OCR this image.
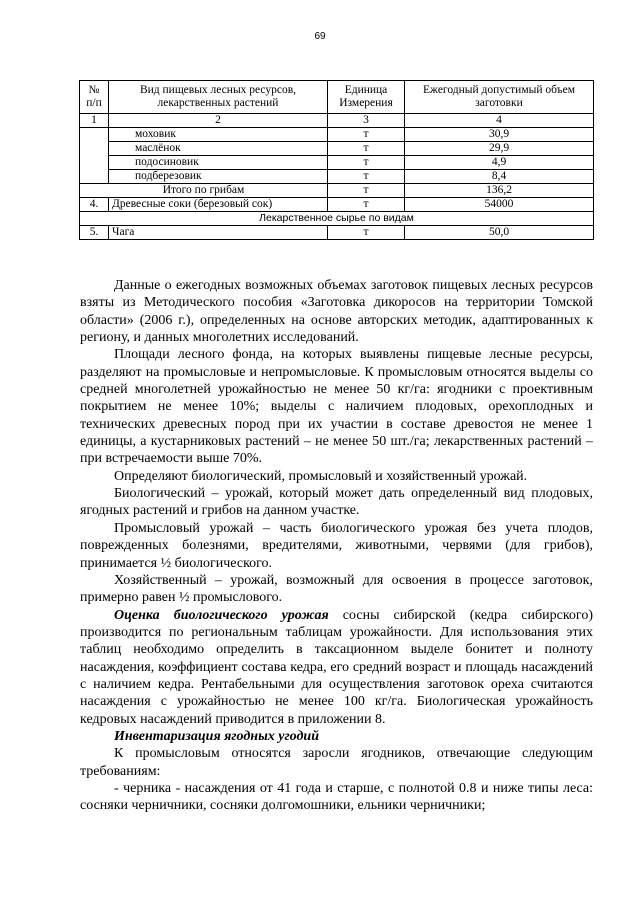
69
№ п/п	Вид пищевых лесных ресурсов, лекарственных растений	Единица Измерения	Ежегодный допустимый объем заготовки
1	2	3	4
	моховик	т	30,9
	маслёнок	т	29,9
	подосиновик	т	4,9
	подберезовик	т	8,4
Итого по грибам		т	136,2
4.	Древесные соки (березовый сок)	т	54000
Лекарственное сырье по видам			
5.	Чага	т	50,0

Данные о ежегодных возможных объемах заготовок пищевых лесных ресурсов взяты из Методического пособия «Заготовка дикоросов на территории Томской области» (2006 г.), определенных на основе авторских методик, адаптированных к региону, и данных многолетних исследований.

Площади лесного фонда, на которых выявлены пищевые лесные ресурсы, разделяют на промысловые и непромысловые. К промысловым относятся выделы со средней многолетней урожайностью не менее 50 кг/га: ягодники с проективным покрытием не менее 10%; выделы с наличием плодовых, орехоплодных и технических древесных пород при их участии в составе древостоя не менее 1 единицы, а кустарниковых растений – не менее 50 шт./га; лекарственных растений – при встречаемости выше 70%.

Определяют биологический, промысловый и хозяйственный урожай.

Биологический – урожай, который может дать определенный вид плодовых, ягодных растений и грибов на данном участке.

Промысловый урожай – часть биологического урожая без учета плодов, поврежденных болезнями, вредителями, животными, червями (для грибов), принимается ½ биологического.

Хозяйственный – урожай, возможный для освоения в процессе заготовок, примерно равен ½ промыслового.

Оценка биологического урожая сосны сибирской (кедра сибирского) производится по региональным таблицам урожайности. Для использования этих таблиц необходимо определить в таксационном выделе бонитет и полноту насаждения, коэффициент состава кедра, его средний возраст и площадь насаждений с наличием кедра. Рентабельными для осуществления заготовок ореха считаются насаждения с урожайностью не менее 100 кг/га. Биологическая урожайность кедровых насаждений приводится в приложении 8.

Инвентаризация ягодных угодий

К промысловым относятся заросли ягодников, отвечающие следующим требованиям:

- черника - насаждения от 41 года и старше, с полнотой 0.8 и ниже типы леса: сосняки черничники, сосняки долгомошники, ельники черничники;
